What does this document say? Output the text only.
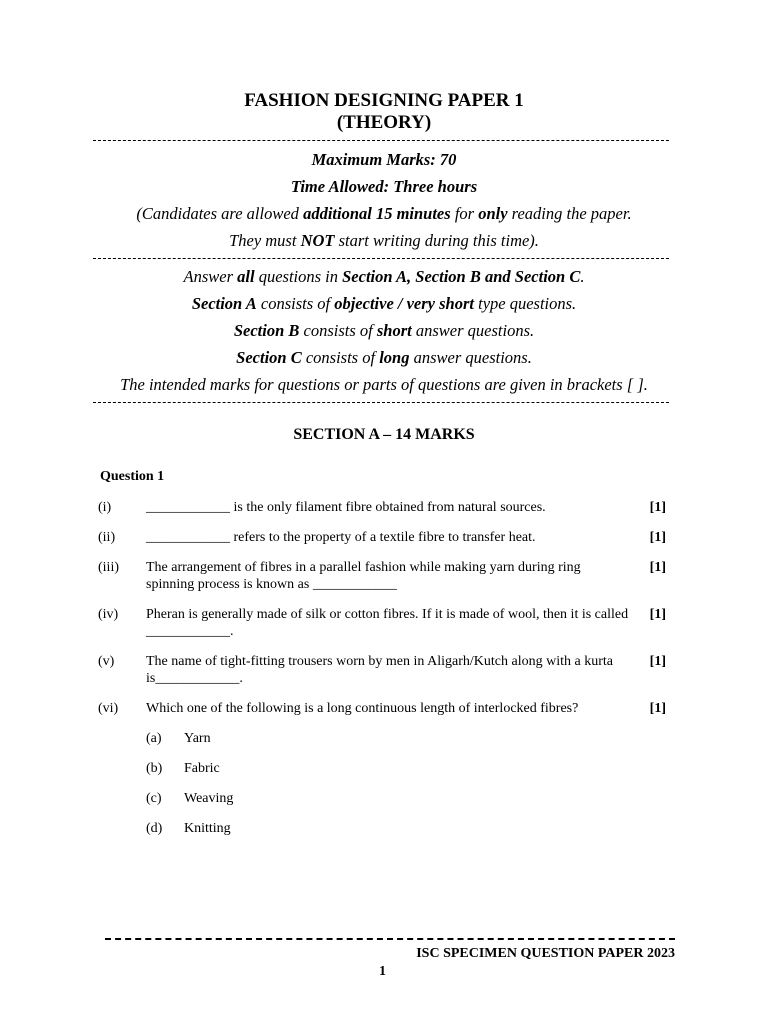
FASHION DESIGNING PAPER 1
(THEORY)
Maximum Marks: 70
Time Allowed: Three hours
(Candidates are allowed additional 15 minutes for only reading the paper.
They must NOT start writing during this time).
Answer all questions in Section A, Section B and Section C.
Section A consists of objective / very short type questions.
Section B consists of short answer questions.
Section C consists of long answer questions.
The intended marks for questions or parts of questions are given in brackets [ ].
SECTION A – 14 MARKS
Question 1
(i) ____________ is the only filament fibre obtained from natural sources.	[1]
(ii) ____________ refers to the property of a textile fibre to transfer heat.	[1]
(iii) The arrangement of fibres in a parallel fashion while making yarn during ring spinning process is known as ____________
[1]
(iv) Pheran is generally made of silk or cotton fibres. If it is made of wool, then it is called ____________.
[1]
(v) The name of tight-fitting trousers worn by men in Aligarh/Kutch along with a kurta is____________.
[1]
(vi) Which one of the following is a long continuous length of interlocked fibres?	[1]
(a) Yarn
(b) Fabric
(c) Weaving
(d) Knitting
ISC SPECIMEN QUESTION PAPER 2023
1
